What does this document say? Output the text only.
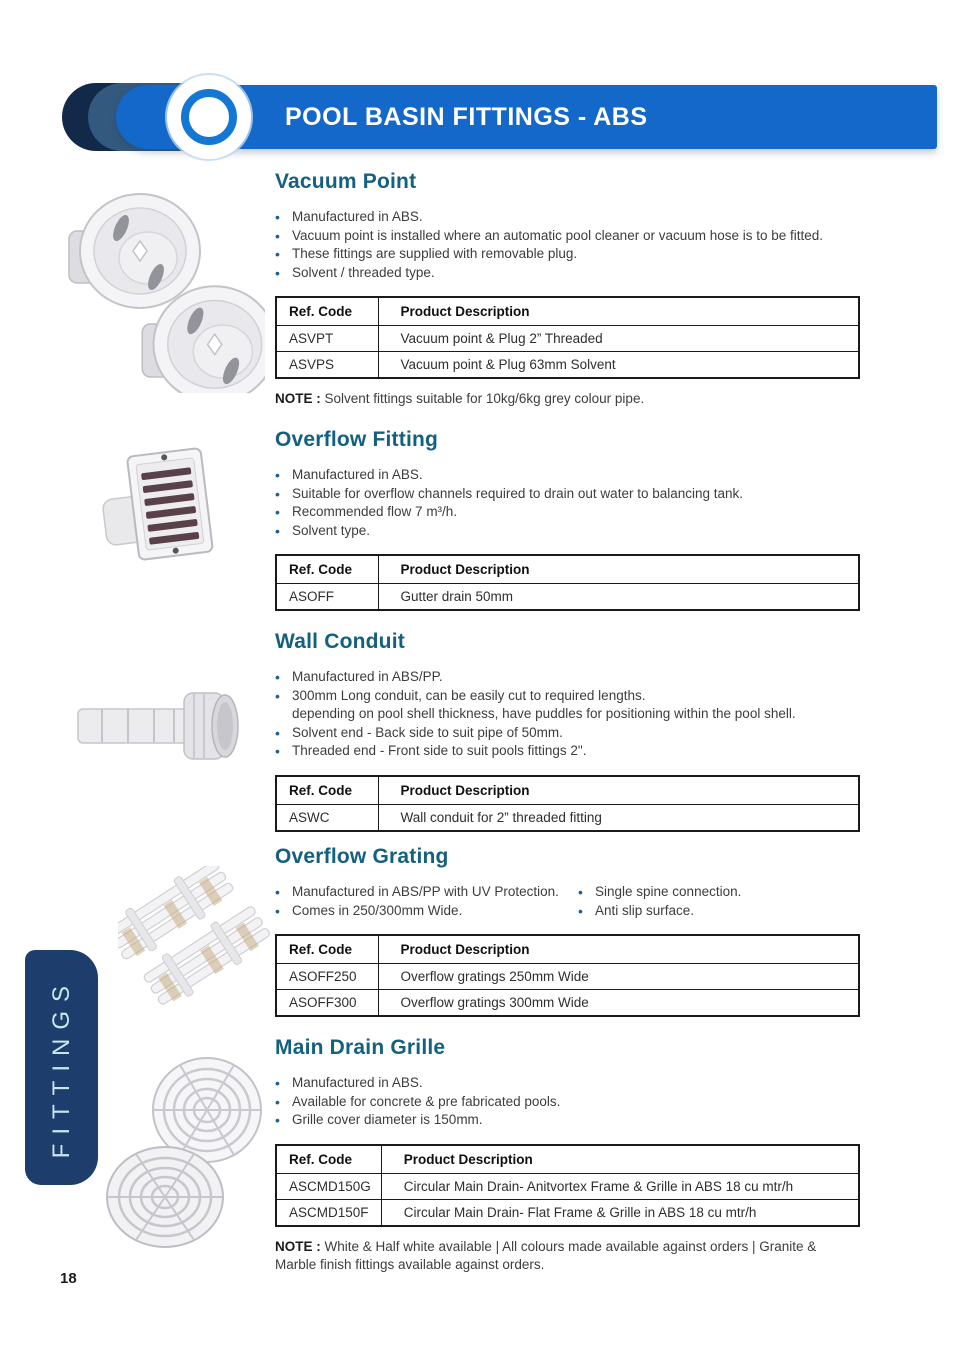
POOL BASIN FITTINGS - ABS
FITTINGS
Vacuum Point
• Manufactured in ABS.
• Vacuum point is installed where an automatic pool cleaner or vacuum hose is to be fitted.
• These fittings are supplied with removable plug.
• Solvent / threaded type.
Ref. Code	Product Description
ASVPT	Vacuum point & Plug 2” Threaded
ASVPS	Vacuum point & Plug 63mm Solvent
NOTE : Solvent fittings suitable for 10kg/6kg grey colour pipe.
Overflow Fitting
• Manufactured in ABS.
• Suitable for overflow channels required to drain out water to balancing tank.
• Recommended flow 7 m³/h.
• Solvent type.
Ref. Code	Product Description
ASOFF	Gutter drain 50mm
Wall Conduit
• Manufactured in ABS/PP.
• 300mm Long conduit, can be easily cut to required lengths.
depending on pool shell thickness, have puddles for positioning within the pool shell.
• Solvent end - Back side to suit pipe of 50mm.
• Threaded end - Front side to suit pools fittings 2".
Ref. Code	Product Description
ASWC	Wall conduit for 2” threaded fitting
Overflow Grating
• Manufactured in ABS/PP with UV Protection.
• Comes in 250/300mm Wide.
• Single spine connection.
• Anti slip surface.
Ref. Code	Product Description
ASOFF250	Overflow gratings 250mm Wide
ASOFF300	Overflow gratings 300mm Wide
Main Drain Grille
• Manufactured in ABS.
• Available for concrete & pre fabricated pools.
• Grille cover diameter is 150mm.
Ref. Code	Product Description
ASCMD150G	Circular Main Drain- Anitvortex Frame & Grille in ABS 18 cu mtr/h
ASCMD150F	Circular Main Drain- Flat Frame & Grille in ABS 18 cu mtr/h
NOTE : White & Half white available | All colours made available against orders | Granite & Marble finish fittings available against orders.
18
